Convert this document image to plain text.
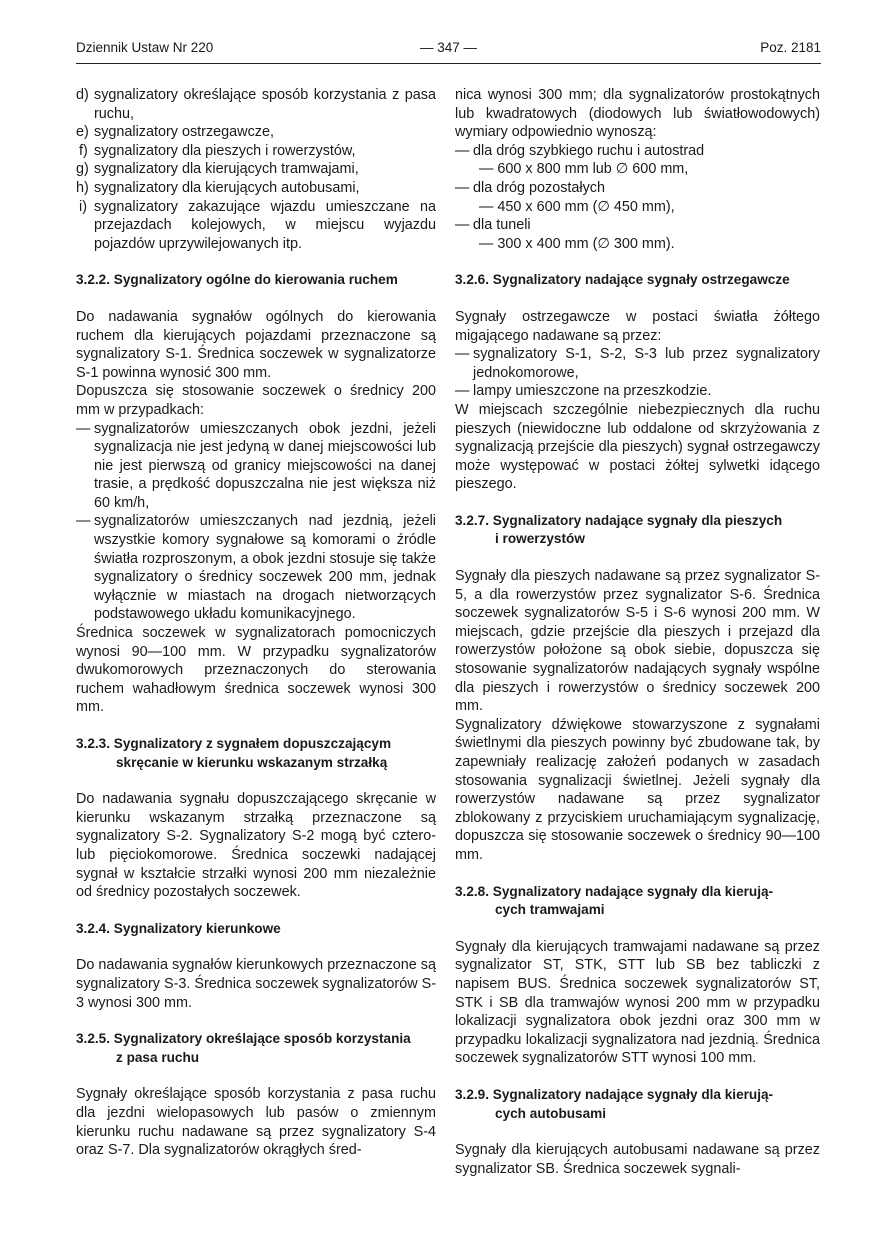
Dziennik Ustaw Nr 220	— 347 —	Poz. 2181
d) sygnalizatory określające sposób korzystania z pasa ruchu,

e) sygnalizatory ostrzegawcze,

f) sygnalizatory dla pieszych i rowerzystów,

g) sygnalizatory dla kierujących tramwajami,

h) sygnalizatory dla kierujących autobusami,

i) sygnalizatory zakazujące wjazdu umieszczane na przejazdach kolejowych, w miejscu wyjazdu pojazdów uprzywilejowanych itp.

3.2.2. Sygnalizatory ogólne do kierowania ruchem

Do nadawania sygnałów ogólnych do kierowania ruchem dla kierujących pojazdami przeznaczone są sygnalizatory S-1. Średnica soczewek w sygnalizatorze S-1 powinna wynosić 300 mm.

Dopuszcza się stosowanie soczewek o średnicy 200 mm w przypadkach:

— sygnalizatorów umieszczanych obok jezdni, jeżeli sygnalizacja nie jest jedyną w danej miejscowości lub nie jest pierwszą od granicy miejscowości na danej trasie, a prędkość dopuszczalna nie jest większa niż 60 km/h,

— sygnalizatorów umieszczanych nad jezdnią, jeżeli wszystkie komory sygnałowe są komorami o źródle światła rozproszonym, a obok jezdni stosuje się także sygnalizatory o średnicy soczewek 200 mm, jednak wyłącznie w miastach na drogach nietworzących podstawowego układu komunikacyjnego.

Średnica soczewek w sygnalizatorach pomocniczych wynosi 90—100 mm. W przypadku sygnalizatorów dwukomorowych przeznaczonych do sterowania ruchem wahadłowym średnica soczewek wynosi 300 mm.

3.2.3. Sygnalizatory z sygnałem dopuszczającym
skręcanie w kierunku wskazanym strzałką

Do nadawania sygnału dopuszczającego skręcanie w kierunku wskazanym strzałką przeznaczone są sygnalizatory S-2. Sygnalizatory S-2 mogą być cztero- lub pięciokomorowe. Średnica soczewki nadającej sygnał w kształcie strzałki wynosi 200 mm niezależnie od średnicy pozostałych soczewek.

3.2.4. Sygnalizatory kierunkowe

Do nadawania sygnałów kierunkowych przeznaczone są sygnalizatory S-3. Średnica soczewek sygnalizatorów S-3 wynosi 300 mm.

3.2.5. Sygnalizatory określające sposób korzystania
z pasa ruchu

Sygnały określające sposób korzystania z pasa ruchu dla jezdni wielopasowych lub pasów o zmiennym kierunku ruchu nadawane są przez sygnalizatory S-4 oraz S-7. Dla sygnalizatorów okrągłych śred-

nica wynosi 300 mm; dla sygnalizatorów prostokątnych lub kwadratowych (diodowych lub światłowodowych) wymiary odpowiednio wynoszą:

— dla dróg szybkiego ruchu i autostrad

— 600 x 800 mm lub ∅ 600 mm,

— dla dróg pozostałych

— 450 x 600 mm (∅ 450 mm),

— dla tuneli

— 300 x 400 mm (∅ 300 mm).

3.2.6. Sygnalizatory nadające sygnały ostrzegawcze

Sygnały ostrzegawcze w postaci światła żółtego migającego nadawane są przez:

— sygnalizatory S-1, S-2, S-3 lub przez sygnalizatory jednokomorowe,

— lampy umieszczone na przeszkodzie.

W miejscach szczególnie niebezpiecznych dla ruchu pieszych (niewidoczne lub oddalone od skrzyżowania z sygnalizacją przejście dla pieszych) sygnał ostrzegawczy może występować w postaci żółtej sylwetki idącego pieszego.

3.2.7. Sygnalizatory nadające sygnały dla pieszych
i rowerzystów

Sygnały dla pieszych nadawane są przez sygnalizator S-5, a dla rowerzystów przez sygnalizator S-6. Średnica soczewek sygnalizatorów S-5 i S-6 wynosi 200 mm. W miejscach, gdzie przejście dla pieszych i przejazd dla rowerzystów położone są obok siebie, dopuszcza się stosowanie sygnalizatorów nadających sygnały wspólne dla pieszych i rowerzystów o średnicy soczewek 200 mm.

Sygnalizatory dźwiękowe stowarzyszone z sygnałami świetlnymi dla pieszych powinny być zbudowane tak, by zapewniały realizację założeń podanych w zasadach stosowania sygnalizacji świetlnej. Jeżeli sygnały dla rowerzystów nadawane są przez sygnalizator zblokowany z przyciskiem uruchamiającym sygnalizację, dopuszcza się stosowanie soczewek o średnicy 90—100 mm.

3.2.8. Sygnalizatory nadające sygnały dla kierują-
cych tramwajami

Sygnały dla kierujących tramwajami nadawane są przez sygnalizator ST, STK, STT lub SB bez tabliczki z napisem BUS. Średnica soczewek sygnalizatorów ST, STK i SB dla tramwajów wynosi 200 mm w przypadku lokalizacji sygnalizatora obok jezdni oraz 300 mm w przypadku lokalizacji sygnalizatora nad jezdnią. Średnica soczewek sygnalizatorów STT wynosi 100 mm.

3.2.9. Sygnalizatory nadające sygnały dla kierują-
cych autobusami

Sygnały dla kierujących autobusami nadawane są przez sygnalizator SB. Średnica soczewek sygnali-
